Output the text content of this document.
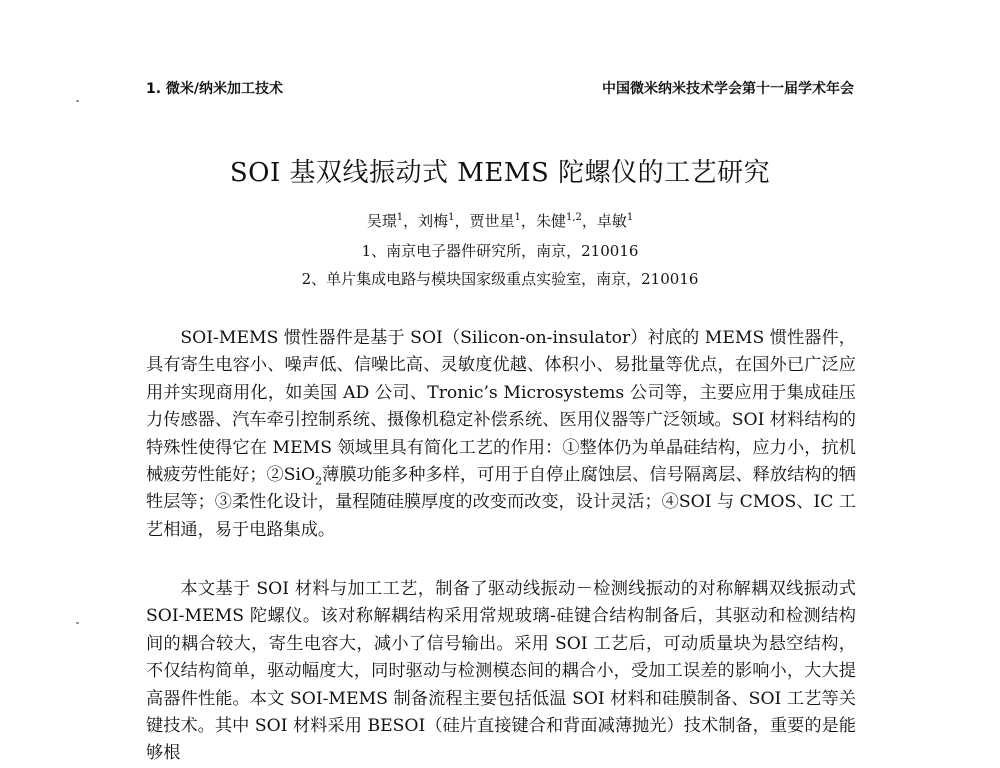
1. 微米/纳米加工技术	中国微米纳米技术学会第十一届学术年会
SOI 基双线振动式 MEMS 陀螺仪的工艺研究
吴璟$^1$，刘梅$^1$，贾世星$^1$，朱健$^{1,2}$，卓敏$^1$
1、南京电子器件研究所，南京，210016
2、单片集成电路与模块国家级重点实验室，南京，210016

SOI-MEMS 惯性器件是基于 SOI（Silicon-on-insulator）衬底的 MEMS 惯性器件，具有寄生电容小、噪声低、信噪比高、灵敏度优越、体积小、易批量等优点，在国外已广泛应用并实现商用化，如美国 AD 公司、Tronic’s Microsystems 公司等，主要应用于集成硅压力传感器、汽车牵引控制系统、摄像机稳定补偿系统、医用仪器等广泛领域。SOI 材料结构的特殊性使得它在 MEMS 领域里具有简化工艺的作用：①整体仍为单晶硅结构，应力小，抗机械疲劳性能好；②SiO$_2$薄膜功能多种多样，可用于自停止腐蚀层、信号隔离层、释放结构的牺牲层等；③柔性化设计，量程随硅膜厚度的改变而改变，设计灵活；④SOI 与 CMOS、IC 工艺相通，易于电路集成。

本文基于 SOI 材料与加工工艺，制备了驱动线振动－检测线振动的对称解耦双线振动式 SOI-MEMS 陀螺仪。该对称解耦结构采用常规玻璃-硅键合结构制备后，其驱动和检测结构间的耦合较大，寄生电容大，减小了信号输出。采用 SOI 工艺后，可动质量块为悬空结构，不仅结构简单，驱动幅度大，同时驱动与检测模态间的耦合小，受加工误差的影响小，大大提高器件性能。本文 SOI-MEMS 制备流程主要包括低温 SOI 材料和硅膜制备、SOI 工艺等关键技术。其中 SOI 材料采用 BESOI（硅片直接键合和背面减薄抛光）技术制备，重要的是能够根
